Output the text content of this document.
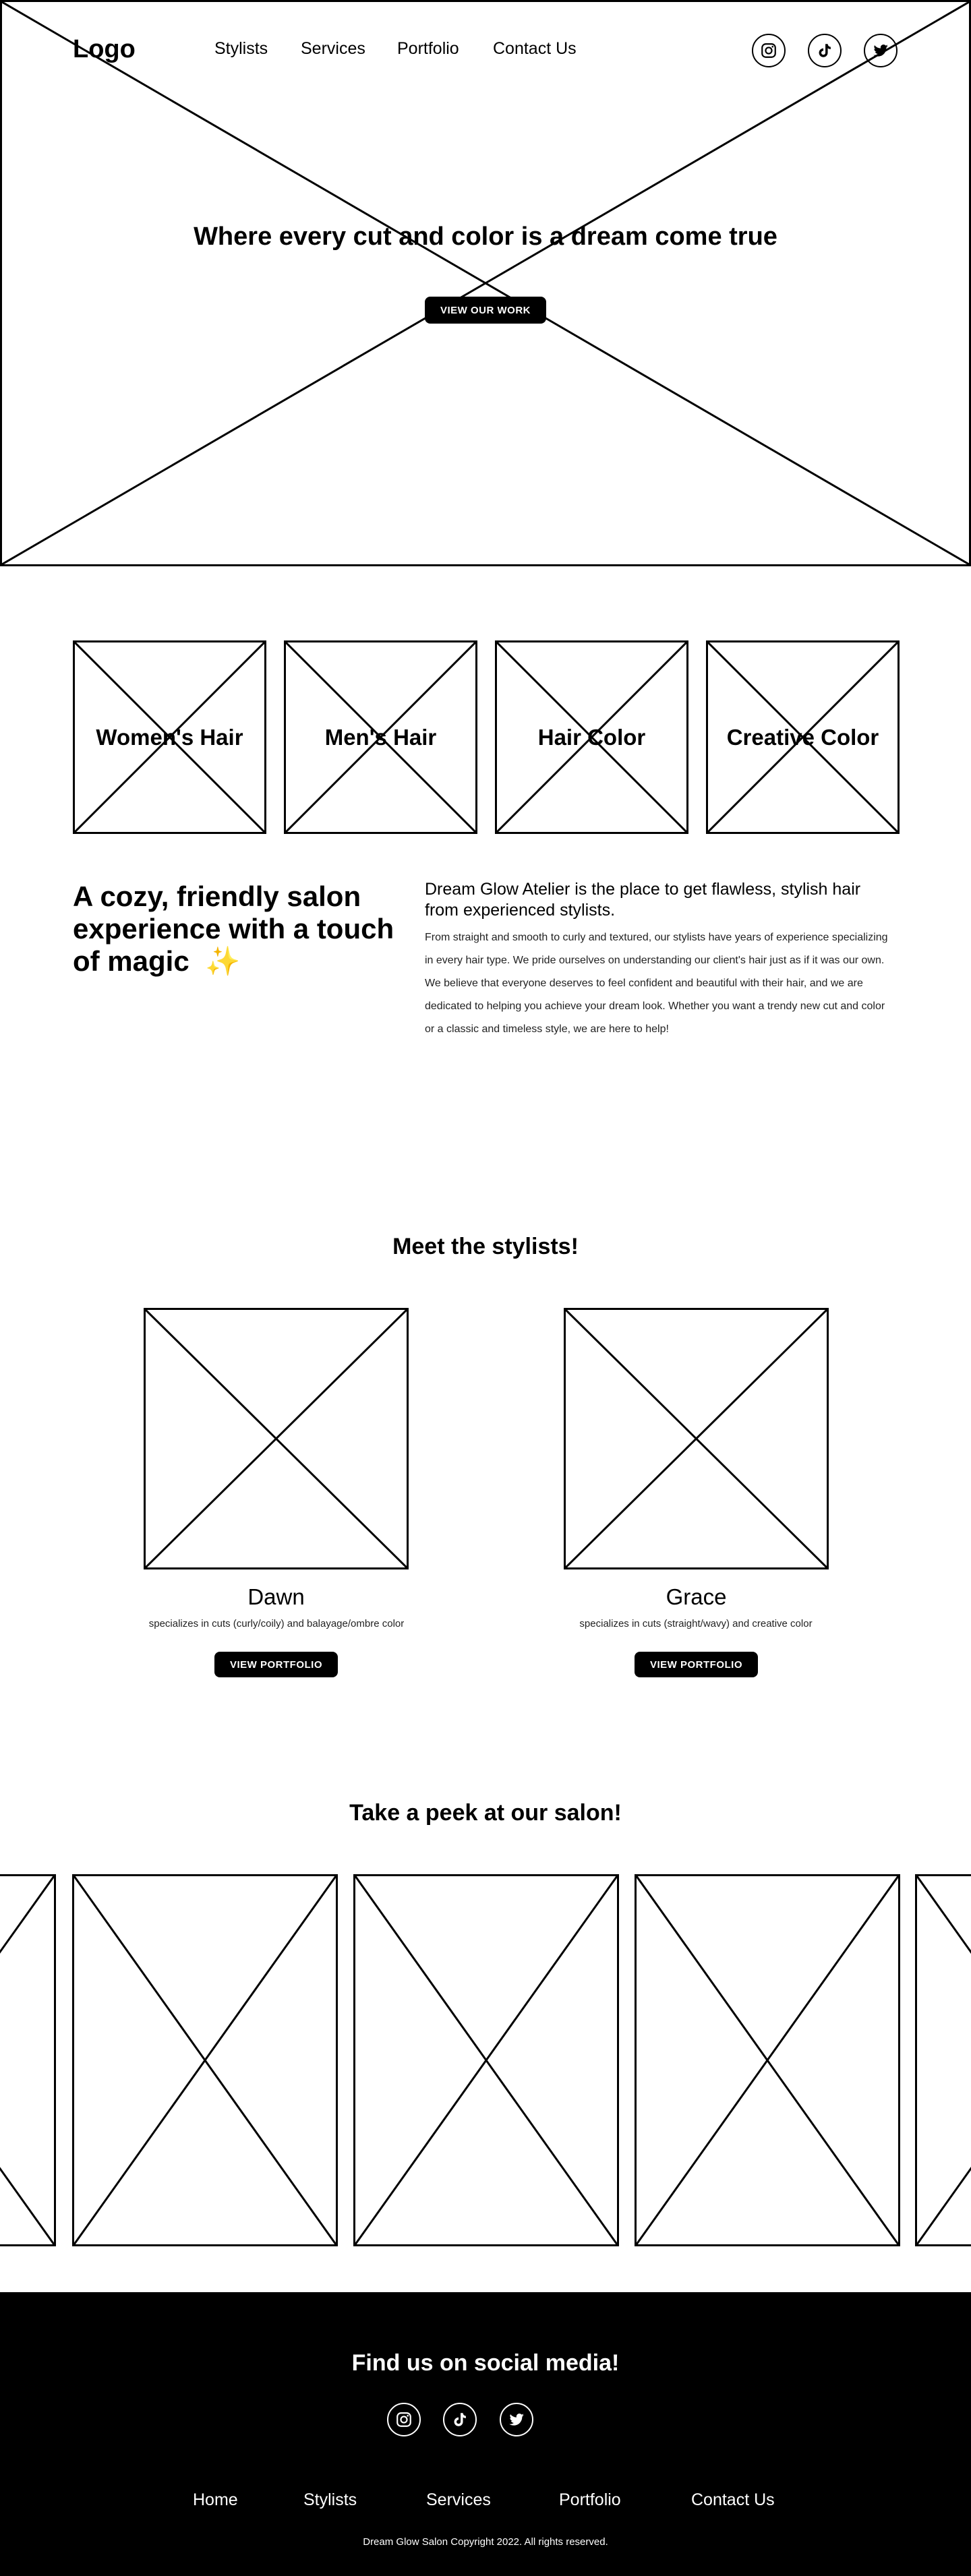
Logo	Stylists Services Portfolio Contact Us
Where every cut and color is a dream come true
VIEW OUR WORK
Women's Hair	Men's Hair	Hair Color	Creative Color
A cozy, friendly salon experience with a touch of magic ✨

Dream Glow Atelier is the place to get flawless, stylish hair from experienced stylists.

From straight and smooth to curly and textured, our stylists have years of experience specializing in every hair type. We pride ourselves on understanding our client's hair just as if it was our own. We believe that everyone deserves to feel confident and beautiful with their hair, and we are dedicated to helping you achieve your dream look. Whether you want a trendy new cut and color or a classic and timeless style, we are here to help!

Meet the stylists!
Dawn
specializes in cuts (curly/coily) and balayage/ombre color
VIEW PORTFOLIO
Grace
specializes in cuts (straight/wavy) and creative color
VIEW PORTFOLIO
Take a peek at our salon!
Find us on social media!
Home	Stylists	Services	Portfolio	Contact Us

Dream Glow Salon Copyright 2022. All rights reserved.
